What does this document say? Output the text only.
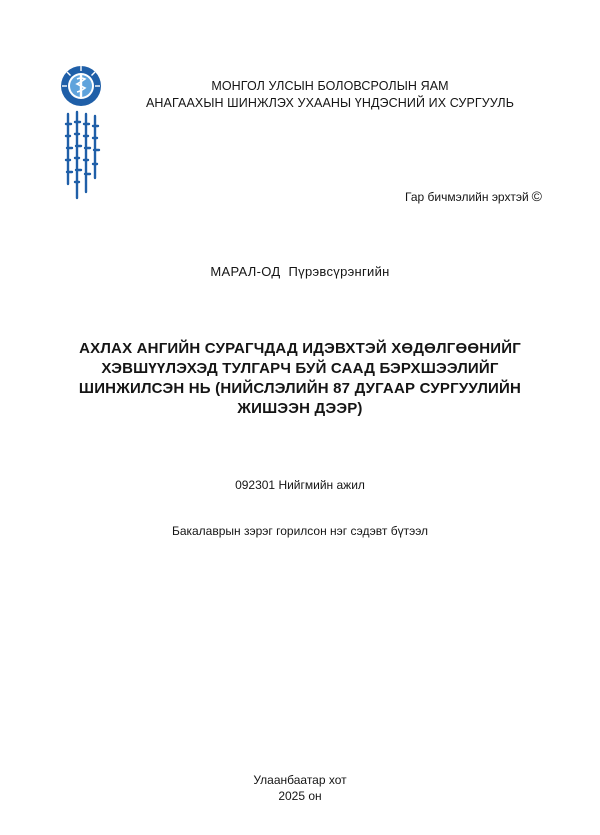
МОНГОЛ УЛСЫН БОЛОВСРОЛЫН ЯАМ
АНАГААХЫН ШИНЖЛЭХ УХААНЫ ҮНДЭСНИЙ ИХ СУРГУУЛЬ
Гар бичмэлийн эрхтэй ©
МАРАЛ-ОД Пүрэвсүрэнгийн
АХЛАХ АНГИЙН СУРАГЧДАД ИДЭВХТЭЙ ХӨДӨЛГӨӨНИЙГ
ХЭВШҮҮЛЭХЭД ТУЛГАРЧ БУЙ СААД БЭРХШЭЭЛИЙГ
ШИНЖИЛСЭН НЬ (НИЙСЛЭЛИЙН 87 ДУГААР СУРГУУЛИЙН
ЖИШЭЭН ДЭЭР)
092301 Нийгмийн ажил
Бакалаврын зэрэг горилсон нэг сэдэвт бүтээл
Улаанбаатар хот
2025 он
